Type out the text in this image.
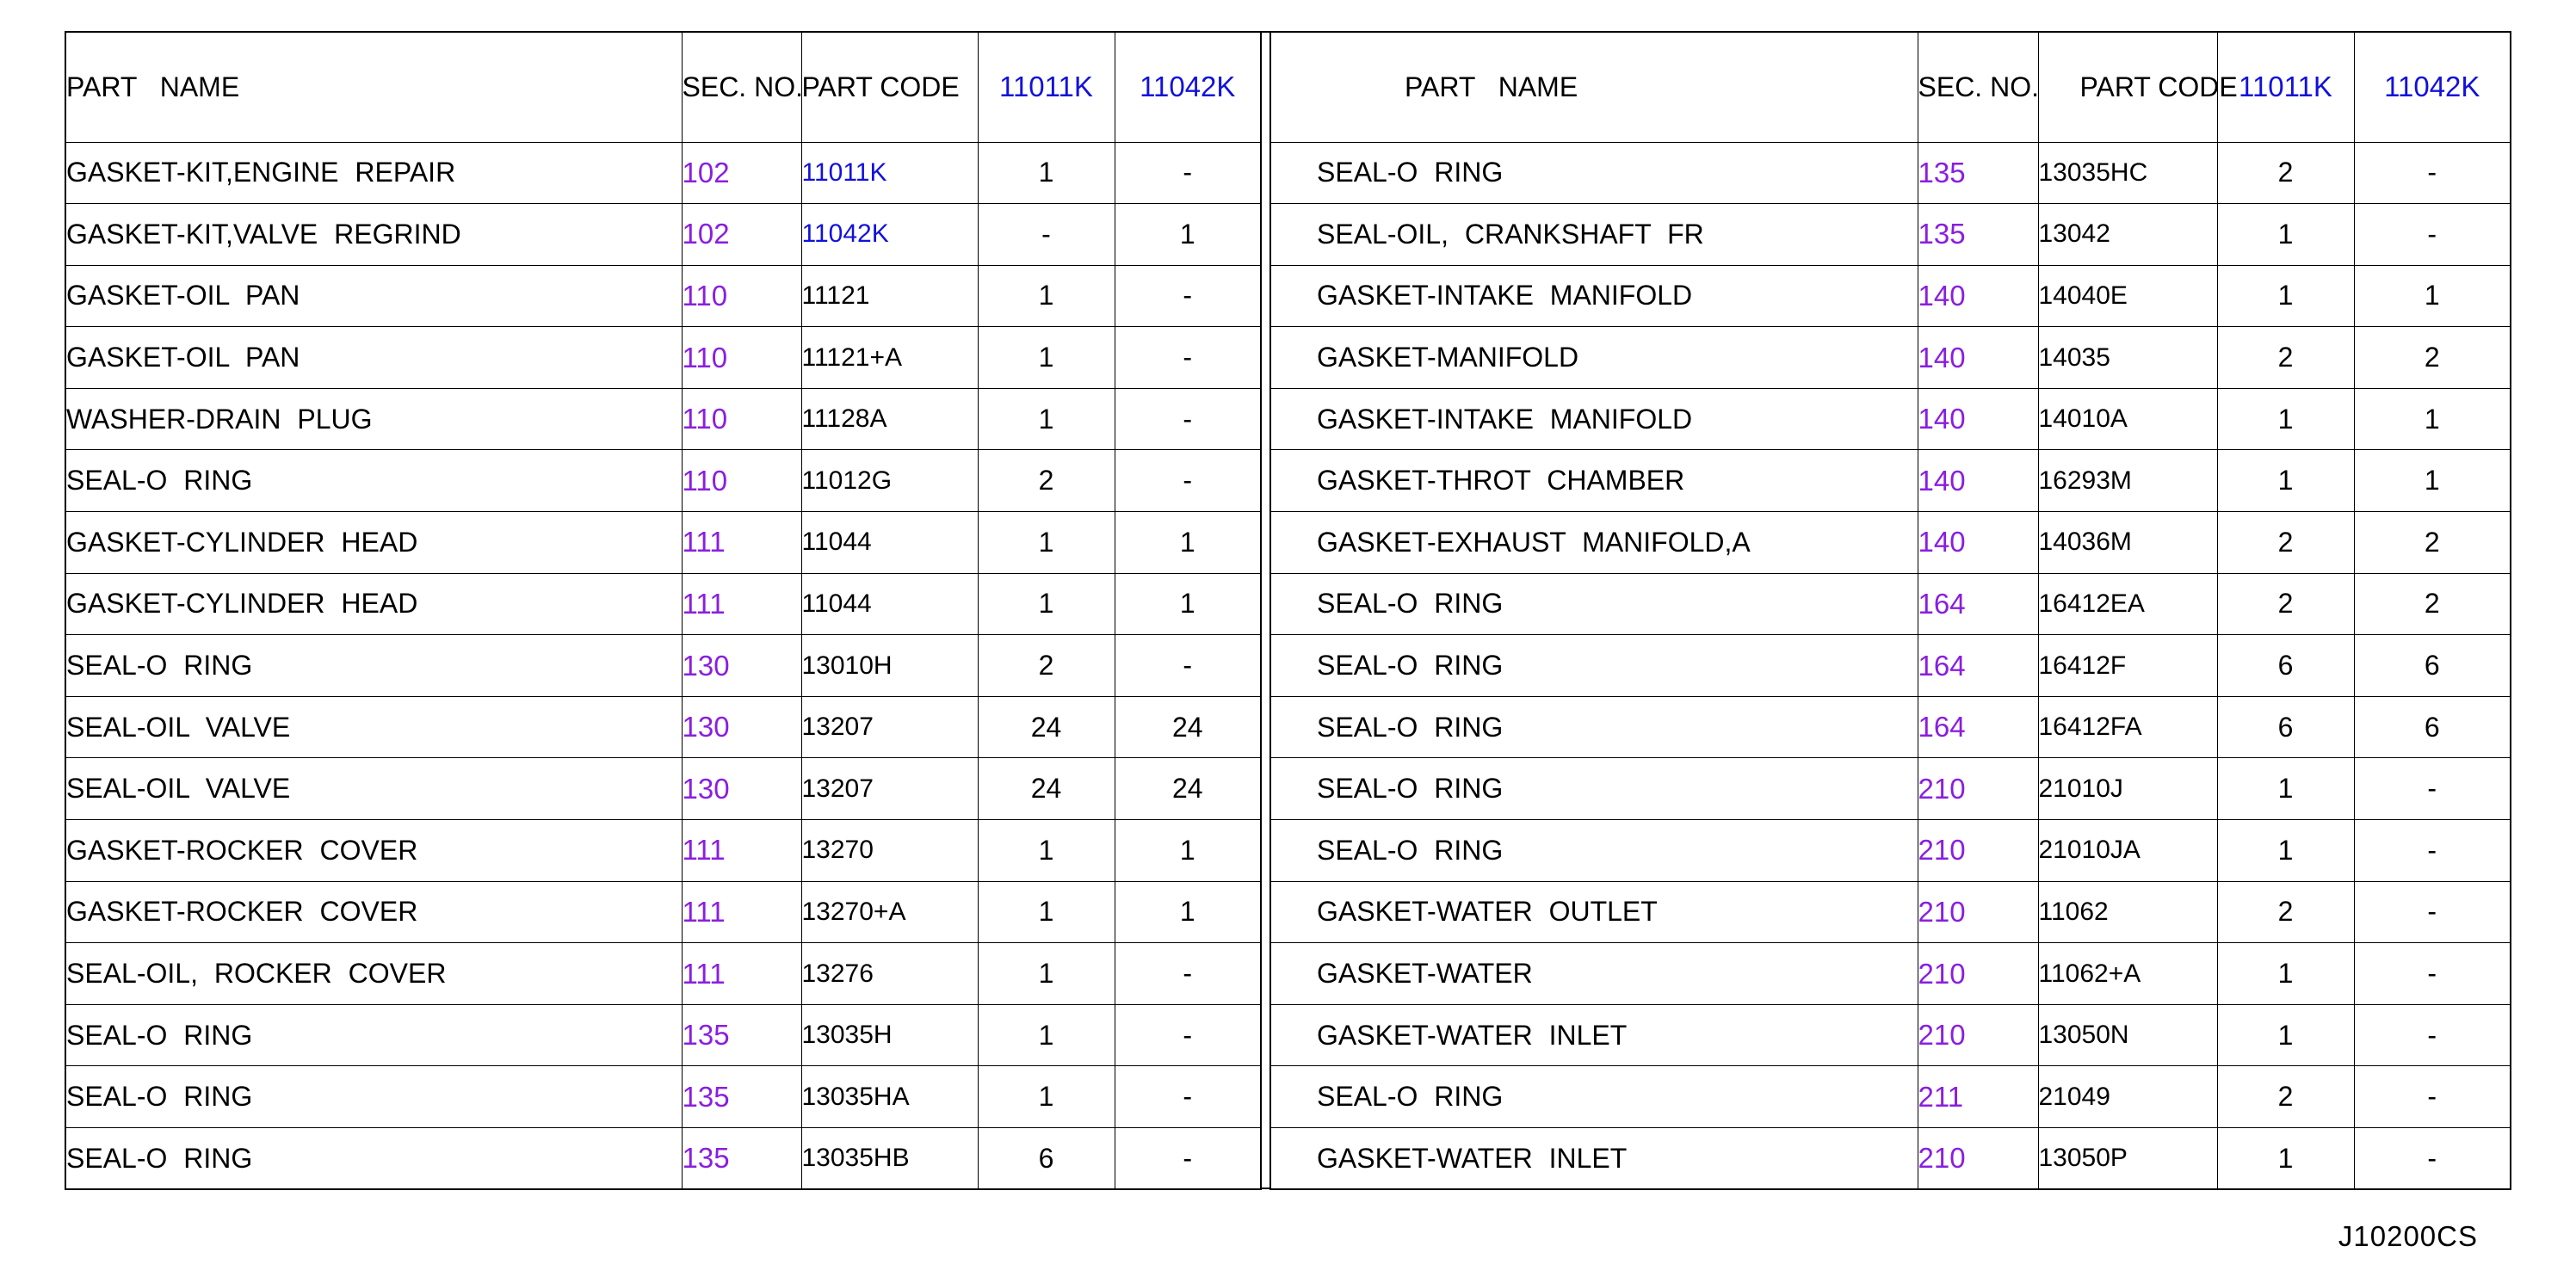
PART NAME	SEC. NO.	PART CODE	11011K	11042K
GASKET-KIT,ENGINE REPAIR	102	11011K	1	-
GASKET-KIT,VALVE REGRIND	102	11042K	-	1
GASKET-OIL PAN	110	11121	1	-
GASKET-OIL PAN	110	11121+A	1	-
WASHER-DRAIN PLUG	110	11128A	1	-
SEAL-O RING	110	11012G	2	-
GASKET-CYLINDER HEAD	111	11044	1	1
GASKET-CYLINDER HEAD	111	11044	1	1
SEAL-O RING	130	13010H	2	-
SEAL-OIL VALVE	130	13207	24	24
SEAL-OIL VALVE	130	13207	24	24
GASKET-ROCKER COVER	111	13270	1	1
GASKET-ROCKER COVER	111	13270+A	1	1
SEAL-OIL, ROCKER COVER	111	13276	1	-
SEAL-O RING	135	13035H	1	-
SEAL-O RING	135	13035HA	1	-
SEAL-O RING	135	13035HB	6	-
PART NAME	SEC. NO.	PART CODE	11011K	11042K
SEAL-O RING	135	13035HC	2	-
SEAL-OIL, CRANKSHAFT FR	135	13042	1	-
GASKET-INTAKE MANIFOLD	140	14040E	1	1
GASKET-MANIFOLD	140	14035	2	2
GASKET-INTAKE MANIFOLD	140	14010A	1	1
GASKET-THROT CHAMBER	140	16293M	1	1
GASKET-EXHAUST MANIFOLD,A	140	14036M	2	2
SEAL-O RING	164	16412EA	2	2
SEAL-O RING	164	16412F	6	6
SEAL-O RING	164	16412FA	6	6
SEAL-O RING	210	21010J	1	-
SEAL-O RING	210	21010JA	1	-
GASKET-WATER OUTLET	210	11062	2	-
GASKET-WATER	210	11062+A	1	-
GASKET-WATER INLET	210	13050N	1	-
SEAL-O RING	211	21049	2	-
GASKET-WATER INLET	210	13050P	1	-
J10200CS
